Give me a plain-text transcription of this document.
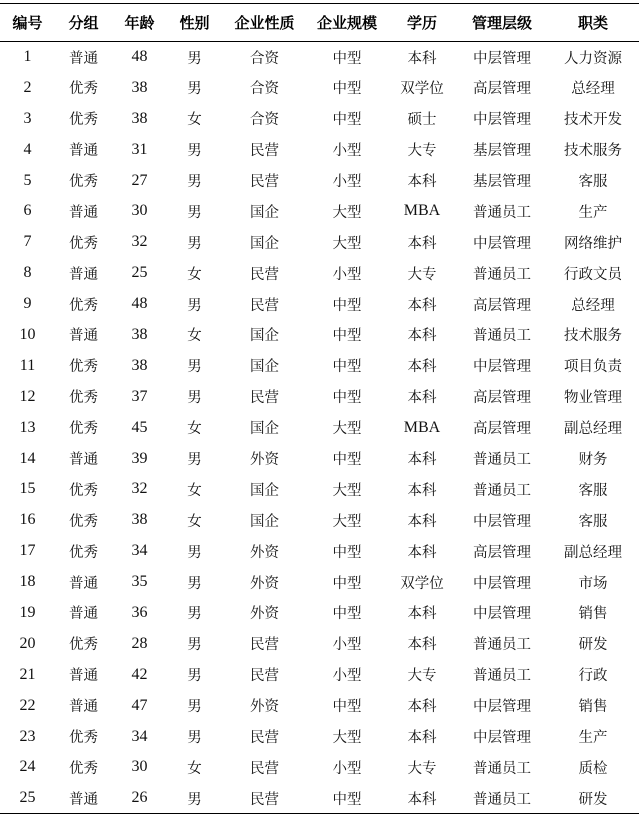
编号	分组	年龄	性别	企业性质	企业规模	学历	管理层级	职类
1	普通	48	男	合资	中型	本科	中层管理	人力资源
2	优秀	38	男	合资	中型	双学位	高层管理	总经理
3	优秀	38	女	合资	中型	硕士	中层管理	技术开发
4	普通	31	男	民营	小型	大专	基层管理	技术服务
5	优秀	27	男	民营	小型	本科	基层管理	客服
6	普通	30	男	国企	大型	MBA	普通员工	生产
7	优秀	32	男	国企	大型	本科	中层管理	网络维护
8	普通	25	女	民营	小型	大专	普通员工	行政文员
9	优秀	48	男	民营	中型	本科	高层管理	总经理
10	普通	38	女	国企	中型	本科	普通员工	技术服务
11	优秀	38	男	国企	中型	本科	中层管理	项目负责
12	优秀	37	男	民营	中型	本科	高层管理	物业管理
13	优秀	45	女	国企	大型	MBA	高层管理	副总经理
14	普通	39	男	外资	中型	本科	普通员工	财务
15	优秀	32	女	国企	大型	本科	普通员工	客服
16	优秀	38	女	国企	大型	本科	中层管理	客服
17	优秀	34	男	外资	中型	本科	高层管理	副总经理
18	普通	35	男	外资	中型	双学位	中层管理	市场
19	普通	36	男	外资	中型	本科	中层管理	销售
20	优秀	28	男	民营	小型	本科	普通员工	研发
21	普通	42	男	民营	小型	大专	普通员工	行政
22	普通	47	男	外资	中型	本科	中层管理	销售
23	优秀	34	男	民营	大型	本科	中层管理	生产
24	优秀	30	女	民营	小型	大专	普通员工	质检
25	普通	26	男	民营	中型	本科	普通员工	研发
